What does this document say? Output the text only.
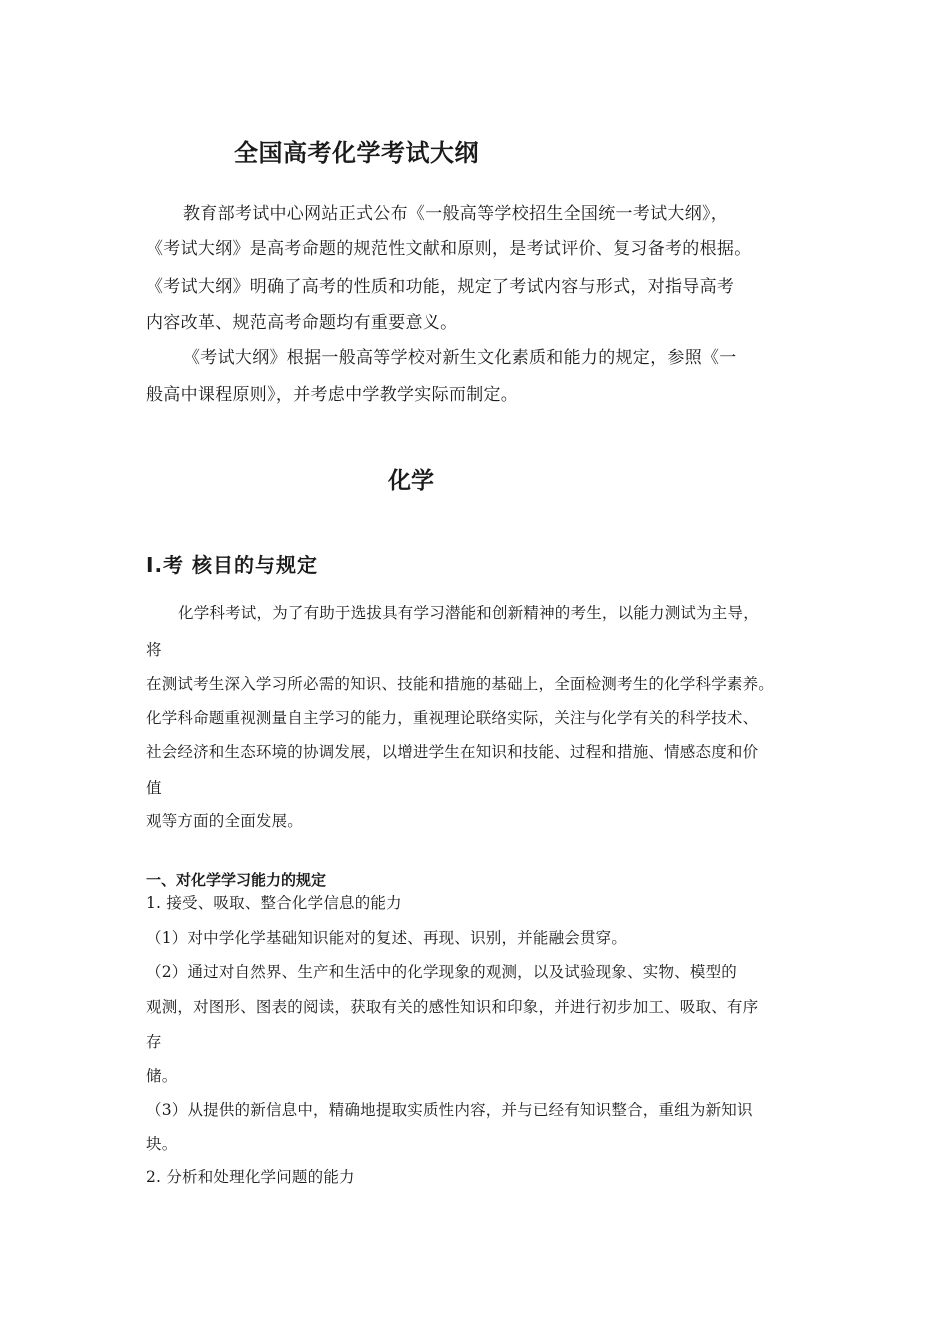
全国高考化学考试大纲
教育部考试中心网站正式公布《一般高等学校招生全国统一考试大纲》，
《考试大纲》是高考命题的规范性文献和原则，是考试评价、复习备考的根据。
《考试大纲》明确了高考的性质和功能，规定了考试内容与形式，对指导高考
内容改革、规范高考命题均有重要意义。
《考试大纲》根据一般高等学校对新生文化素质和能力的规定，参照《一
般高中课程原则》，并考虑中学教学实际而制定。
化学
Ⅰ.考 核目的与规定
化学科考试，为了有助于选拔具有学习潜能和创新精神的考生，以能力测试为主导，
将
在测试考生深入学习所必需的知识、技能和措施的基础上，全面检测考生的化学科学素养。
化学科命题重视测量自主学习的能力，重视理论联络实际，关注与化学有关的科学技术、
社会经济和生态环境的协调发展，以增进学生在知识和技能、过程和措施、情感态度和价
值
观等方面的全面发展。
一、对化学学习能力的规定
1. 接受、吸取、整合化学信息的能力
（1）对中学化学基础知识能对的复述、再现、识别，并能融会贯穿。
（2）通过对自然界、生产和生活中的化学现象的观测，以及试验现象、实物、模型的
观测，对图形、图表的阅读，获取有关的感性知识和印象，并进行初步加工、吸取、有序
存
储。
（3）从提供的新信息中，精确地提取实质性内容，并与已经有知识整合，重组为新知识
块。
2. 分析和处理化学问题的能力
